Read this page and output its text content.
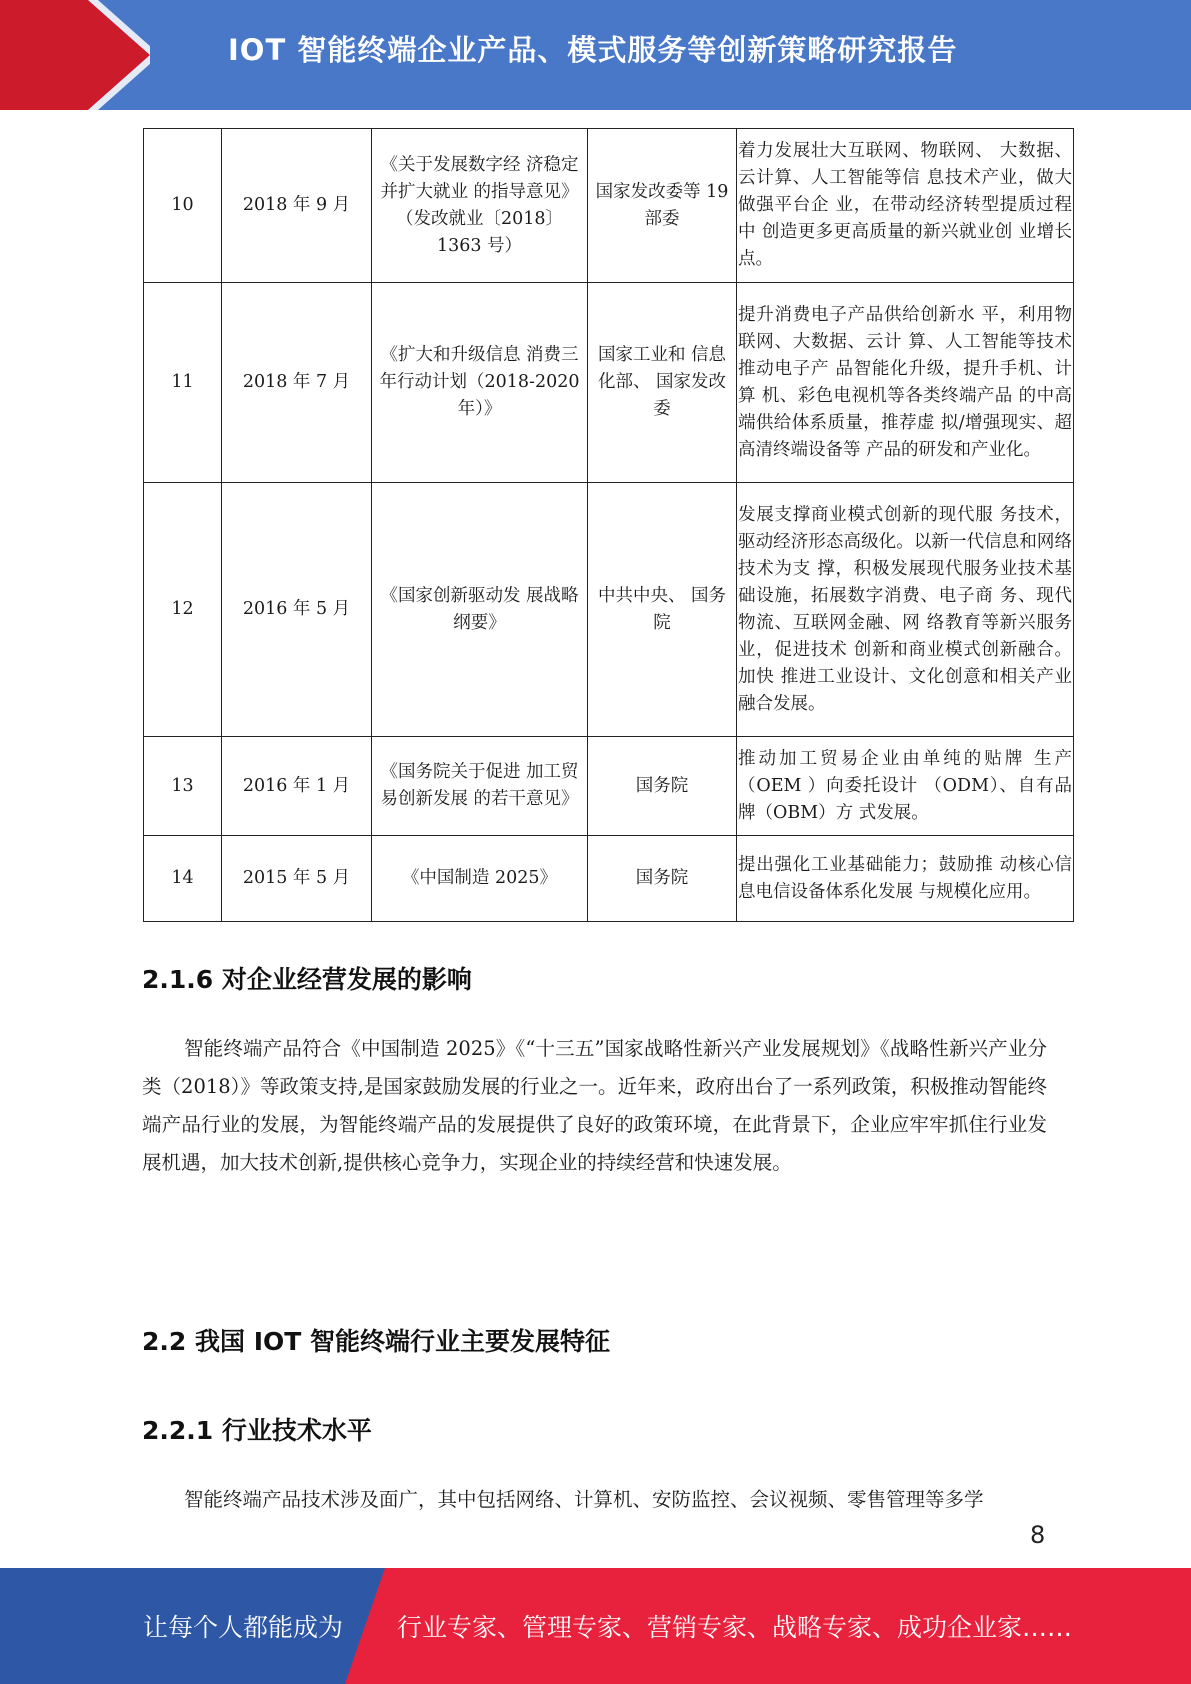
IOT 智能终端企业产品、模式服务等创新策略研究报告
10	2018 年 9 月	《关于发展数字经 济稳定并扩大就业 的指导意见》（发改就业〔2018〕 1363 号）	国家发改委等 19 部委	着力发展壮大互联网、物联网、 大数据、云计算、人工智能等信 息技术产业，做大做强平台企 业，在带动经济转型提质过程中 创造更多更高质量的新兴就业创 业增长点。
11	2018 年 7 月	《扩大和升级信息 消费三年行动计划（2018-2020 年）》	国家工业和 信息化部、 国家发改委	提升消费电子产品供给创新水 平，利用物联网、大数据、云计 算、人工智能等技术推动电子产 品智能化升级，提升手机、计算 机、彩色电视机等各类终端产品 的中高端供给体系质量，推荐虚 拟/增强现实、超高清终端设备等 产品的研发和产业化。
12	2016 年 5 月	《国家创新驱动发 展战略纲要》	中共中央、 国务院	发展支撑商业模式创新的现代服 务技术，驱动经济形态高级化。以新一代信息和网络技术为支 撑，积极发展现代服务业技术基 础设施，拓展数字消费、电子商 务、现代物流、互联网金融、网 络教育等新兴服务业，促进技术 创新和商业模式创新融合。加快 推进工业设计、文化创意和相关产业融合发展。
13	2016 年 1 月	《国务院关于促进 加工贸易创新发展 的若干意见》	国务院	推动加工贸易企业由单纯的贴牌 生产（OEM ）向委托设计 （ODM）、自有品牌（OBM）方 式发展。
14	2015 年 5 月	《中国制造 2025》	国务院	提出强化工业基础能力；鼓励推 动核心信息电信设备体系化发展 与规模化应用。
2.1.6 对企业经营发展的影响

智能终端产品符合《中国制造 2025》《“十三五”国家战略性新兴产业发展规划》《战略性新兴产业分类（2018）》等政策支持,是国家鼓励发展的行业之一。近年来，政府出台了一系列政策，积极推动智能终端产品行业的发展，为智能终端产品的发展提供了良好的政策环境，在此背景下，企业应牢牢抓住行业发展机遇，加大技术创新,提供核心竞争力，实现企业的持续经营和快速发展。

2.2 我国 IOT 智能终端行业主要发展特征
2.2.1 行业技术水平

智能终端产品技术涉及面广，其中包括网络、计算机、安防监控、会议视频、零售管理等多学

8
让每个人都能成为 行业专家、管理专家、营销专家、战略专家、成功企业家……
